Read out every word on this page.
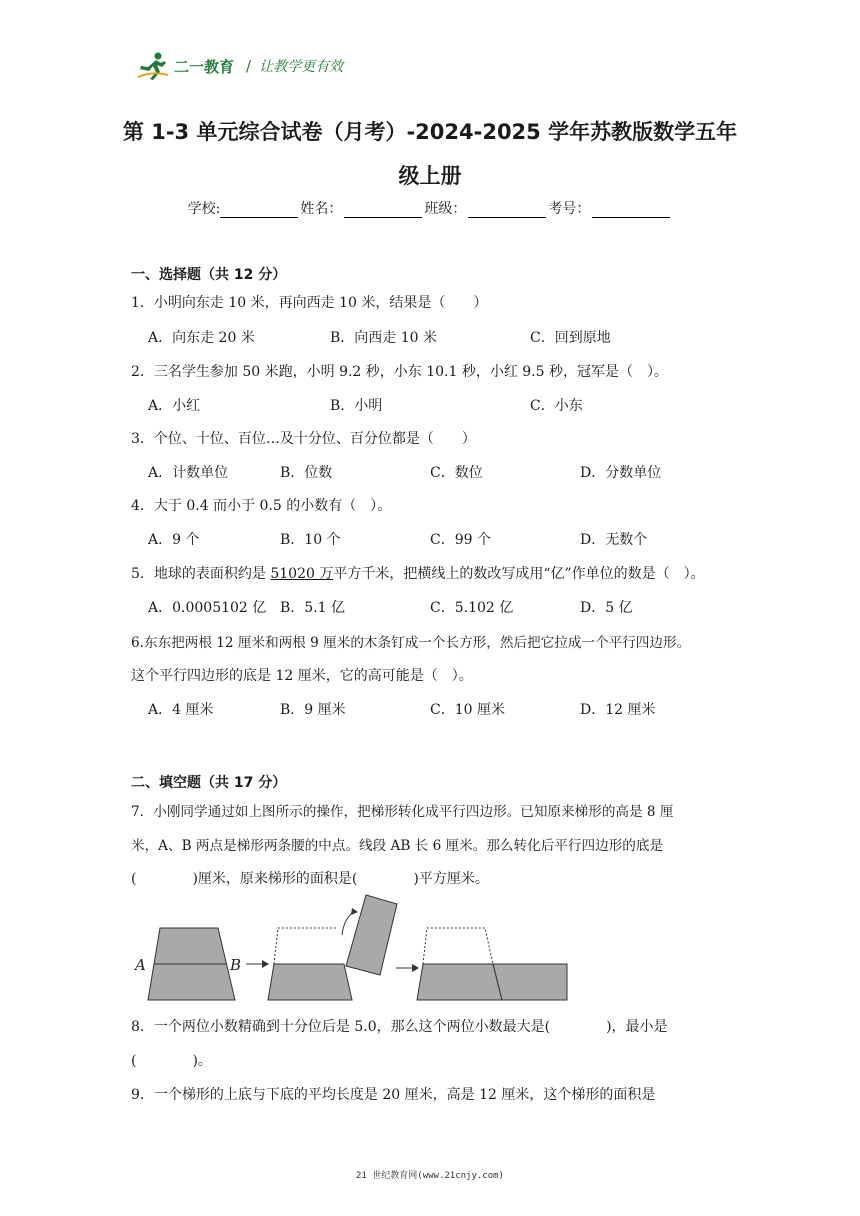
二一教育 / 让教学更有效
第 1-3 单元综合试卷（月考）-2024-2025 学年苏教版数学五年
级上册
学校:	姓名：	班级：	考号：
一、选择题（共 12 分）
1．小明向东走 10 米，再向西走 10 米，结果是（　　）
A．向东走 20 米	B．向西走 10 米	C．回到原地
2．三名学生参加 50 米跑，小明 9.2 秒，小东 10.1 秒，小红 9.5 秒，冠军是（　）。
A．小红	B．小明	C．小东
3．个位、十位、百位…及十分位、百分位都是（　　）
A．计数单位	B．位数	C．数位	D．分数单位
4．大于 0.4 而小于 0.5 的小数有（　）。
A．9 个	B．10 个	C．99 个	D．无数个
5．地球的表面积约是 51020 万平方千米，把横线上的数改写成用“亿”作单位的数是（　）。
A．0.0005102 亿 B．5.1 亿	C．5.102 亿	D．5 亿
6.东东把两根 12 厘米和两根 9 厘米的木条钉成一个长方形，然后把它拉成一个平行四边形。
这个平行四边形的底是 12 厘米，它的高可能是（　）。
A．4 厘米	B．9 厘米	C．10 厘米	D．12 厘米
二、填空题（共 17 分）
7．小刚同学通过如上图所示的操作，把梯形转化成平行四边形。已知原来梯形的高是 8 厘
米，A、B 两点是梯形两条腰的中点。线段 AB 长 6 厘米。那么转化后平行四边形的底是
(　　　　)厘米，原来梯形的面积是(　　　　)平方厘米。
A	B
8．一个两位小数精确到十分位后是 5.0，那么这个两位小数最大是(　　　　)，最小是
(　　　　)。
9．一个梯形的上底与下底的平均长度是 20 厘米，高是 12 厘米，这个梯形的面积是
21 世纪教育网(www.21cnjy.com)
